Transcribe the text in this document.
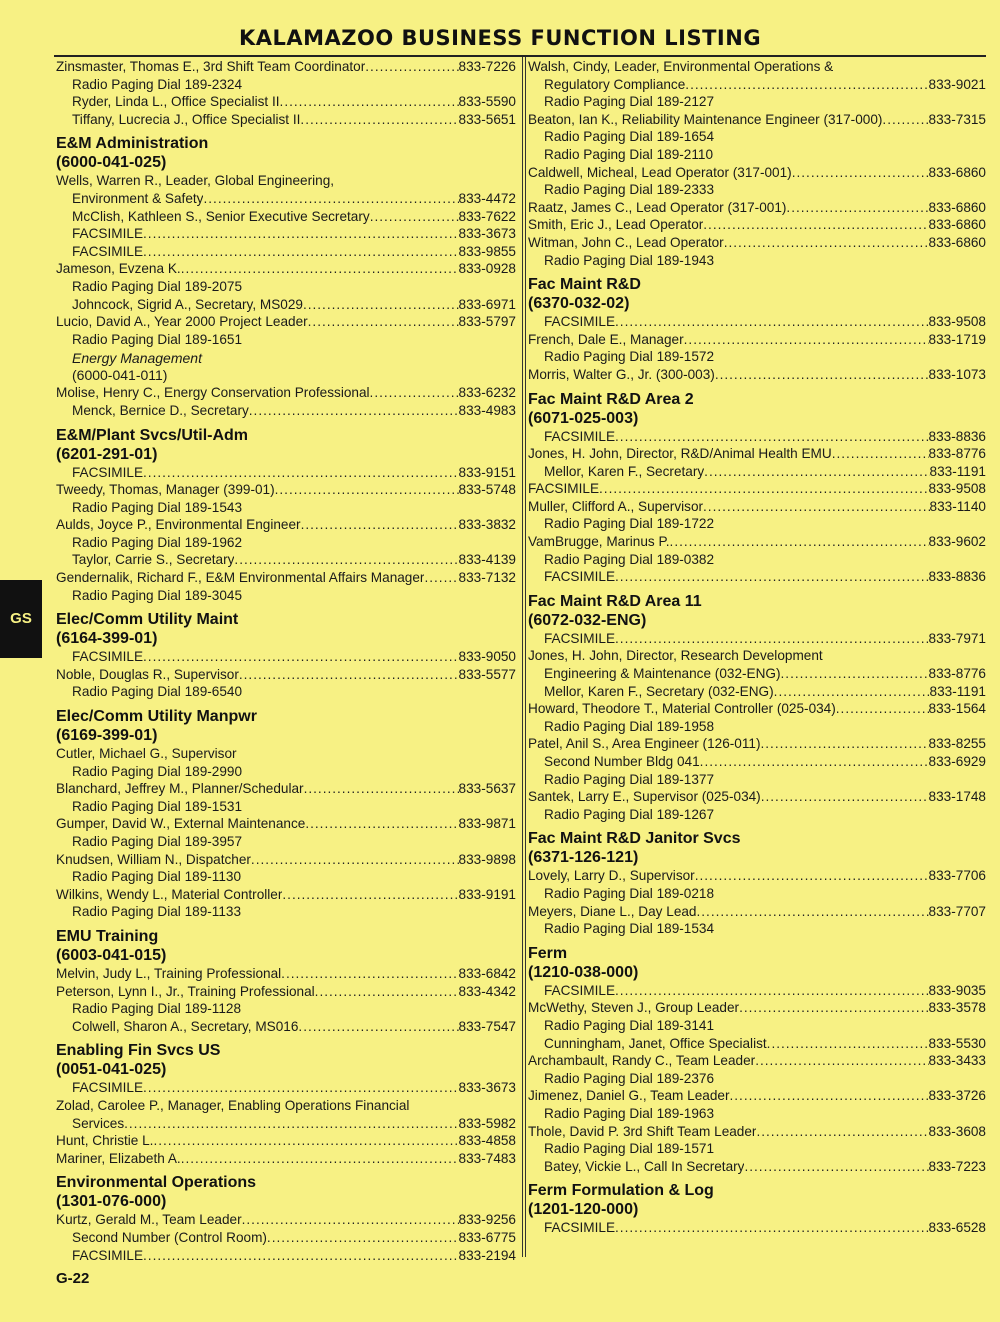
KALAMAZOO BUSINESS FUNCTION LISTING
Zinsmaster, Thomas E., 3rd Shift Team Coordinator .....	833-7226
Radio Paging Dial 189-2324
Ryder, Linda L., Office Specialist II .....	833-5590
Tiffany, Lucrecia J., Office Specialist II .....	833-5651
E&M Administration
(6000-041-025)
Wells, Warren R., Leader, Global Engineering,
Environment & Safety .....	833-4472
McClish, Kathleen S., Senior Executive Secretary .....	833-7622
FACSIMILE .....	833-3673
FACSIMILE .....	833-9855
Jameson, Evzena K. .....	833-0928
Radio Paging Dial 189-2075
Johncock, Sigrid A., Secretary, MS029 .....	833-6971
Lucio, David A., Year 2000 Project Leader .....	833-5797
Radio Paging Dial 189-1651
Energy Management
(6000-041-011)
Molise, Henry C., Energy Conservation Professional .....	833-6232
Menck, Bernice D., Secretary .....	833-4983
E&M/Plant Svcs/Util-Adm
(6201-291-01)
FACSIMILE .....	833-9151
Tweedy, Thomas, Manager (399-01) .....	833-5748
Radio Paging Dial 189-1543
Aulds, Joyce P., Environmental Engineer .....	833-3832
Radio Paging Dial 189-1962
Taylor, Carrie S., Secretary .....	833-4139
Gendernalik, Richard F., E&M Environmental Affairs Manager .....	833-7132
Radio Paging Dial 189-3045
Elec/Comm Utility Maint
(6164-399-01)
FACSIMILE .....	833-9050
Noble, Douglas R., Supervisor .....	833-5577
Radio Paging Dial 189-6540
Elec/Comm Utility Manpwr
(6169-399-01)
Cutler, Michael G., Supervisor
Radio Paging Dial 189-2990
Blanchard, Jeffrey M., Planner/Schedular .....	833-5637
Radio Paging Dial 189-1531
Gumper, David W., External Maintenance .....	833-9871
Radio Paging Dial 189-3957
Knudsen, William N., Dispatcher .....	833-9898
Radio Paging Dial 189-1130
Wilkins, Wendy L., Material Controller .....	833-9191
Radio Paging Dial 189-1133
EMU Training
(6003-041-015)
Melvin, Judy L., Training Professional .....	833-6842
Peterson, Lynn I., Jr., Training Professional .....	833-4342
Radio Paging Dial 189-1128
Colwell, Sharon A., Secretary, MS016 .....	833-7547
Enabling Fin Svcs US
(0051-041-025)
FACSIMILE .....	833-3673
Zolad, Carolee P., Manager, Enabling Operations Financial
Services .....	833-5982
Hunt, Christie L. .....	833-4858
Mariner, Elizabeth A. .....	833-7483
Environmental Operations
(1301-076-000)
Kurtz, Gerald M., Team Leader .....	833-9256
Second Number (Control Room) .....	833-6775
FACSIMILE .....	833-2194
Walsh, Cindy, Leader, Environmental Operations &
Regulatory Compliance .....	833-9021
Radio Paging Dial 189-2127
Beaton, Ian K., Reliability Maintenance Engineer (317-000) .....	833-7315
Radio Paging Dial 189-1654
Radio Paging Dial 189-2110
Caldwell, Micheal, Lead Operator (317-001) .....	833-6860
Radio Paging Dial 189-2333
Raatz, James C., Lead Operator (317-001) .....	833-6860
Smith, Eric J., Lead Operator .....	833-6860
Witman, John C., Lead Operator .....	833-6860
Radio Paging Dial 189-1943
Fac Maint R&D
(6370-032-02)
FACSIMILE .....	833-9508
French, Dale E., Manager .....	833-1719
Radio Paging Dial 189-1572
Morris, Walter G., Jr. (300-003) .....	833-1073
Fac Maint R&D Area 2
(6071-025-003)
FACSIMILE .....	833-8836
Jones, H. John, Director, R&D/Animal Health EMU .....	833-8776
Mellor, Karen F., Secretary .....	833-1191
FACSIMILE .....	833-9508
Muller, Clifford A., Supervisor .....	833-1140
Radio Paging Dial 189-1722
VamBrugge, Marinus P. .....	833-9602
Radio Paging Dial 189-0382
FACSIMILE .....	833-8836
Fac Maint R&D Area 11
(6072-032-ENG)
FACSIMILE .....	833-7971
Jones, H. John, Director, Research Development
Engineering & Maintenance (032-ENG) .....	833-8776
Mellor, Karen F., Secretary (032-ENG) .....	833-1191
Howard, Theodore T., Material Controller (025-034) .....	833-1564
Radio Paging Dial 189-1958
Patel, Anil S., Area Engineer (126-011) .....	833-8255
Second Number Bldg 041 .....	833-6929
Radio Paging Dial 189-1377
Santek, Larry E., Supervisor (025-034) .....	833-1748
Radio Paging Dial 189-1267
Fac Maint R&D Janitor Svcs
(6371-126-121)
Lovely, Larry D., Supervisor .....	833-7706
Radio Paging Dial 189-0218
Meyers, Diane L., Day Lead .....	833-7707
Radio Paging Dial 189-1534
Ferm
(1210-038-000)
FACSIMILE .....	833-9035
McWethy, Steven J., Group Leader .....	833-3578
Radio Paging Dial 189-3141
Cunningham, Janet, Office Specialist .....	833-5530
Archambault, Randy C., Team Leader .....	833-3433
Radio Paging Dial 189-2376
Jimenez, Daniel G., Team Leader .....	833-3726
Radio Paging Dial 189-1963
Thole, David P. 3rd Shift Team Leader .....	833-3608
Radio Paging Dial 189-1571
Batey, Vickie L., Call In Secretary .....	833-7223
Ferm Formulation & Log
(1201-120-000)
FACSIMILE .....	833-6528
GS
G-22
